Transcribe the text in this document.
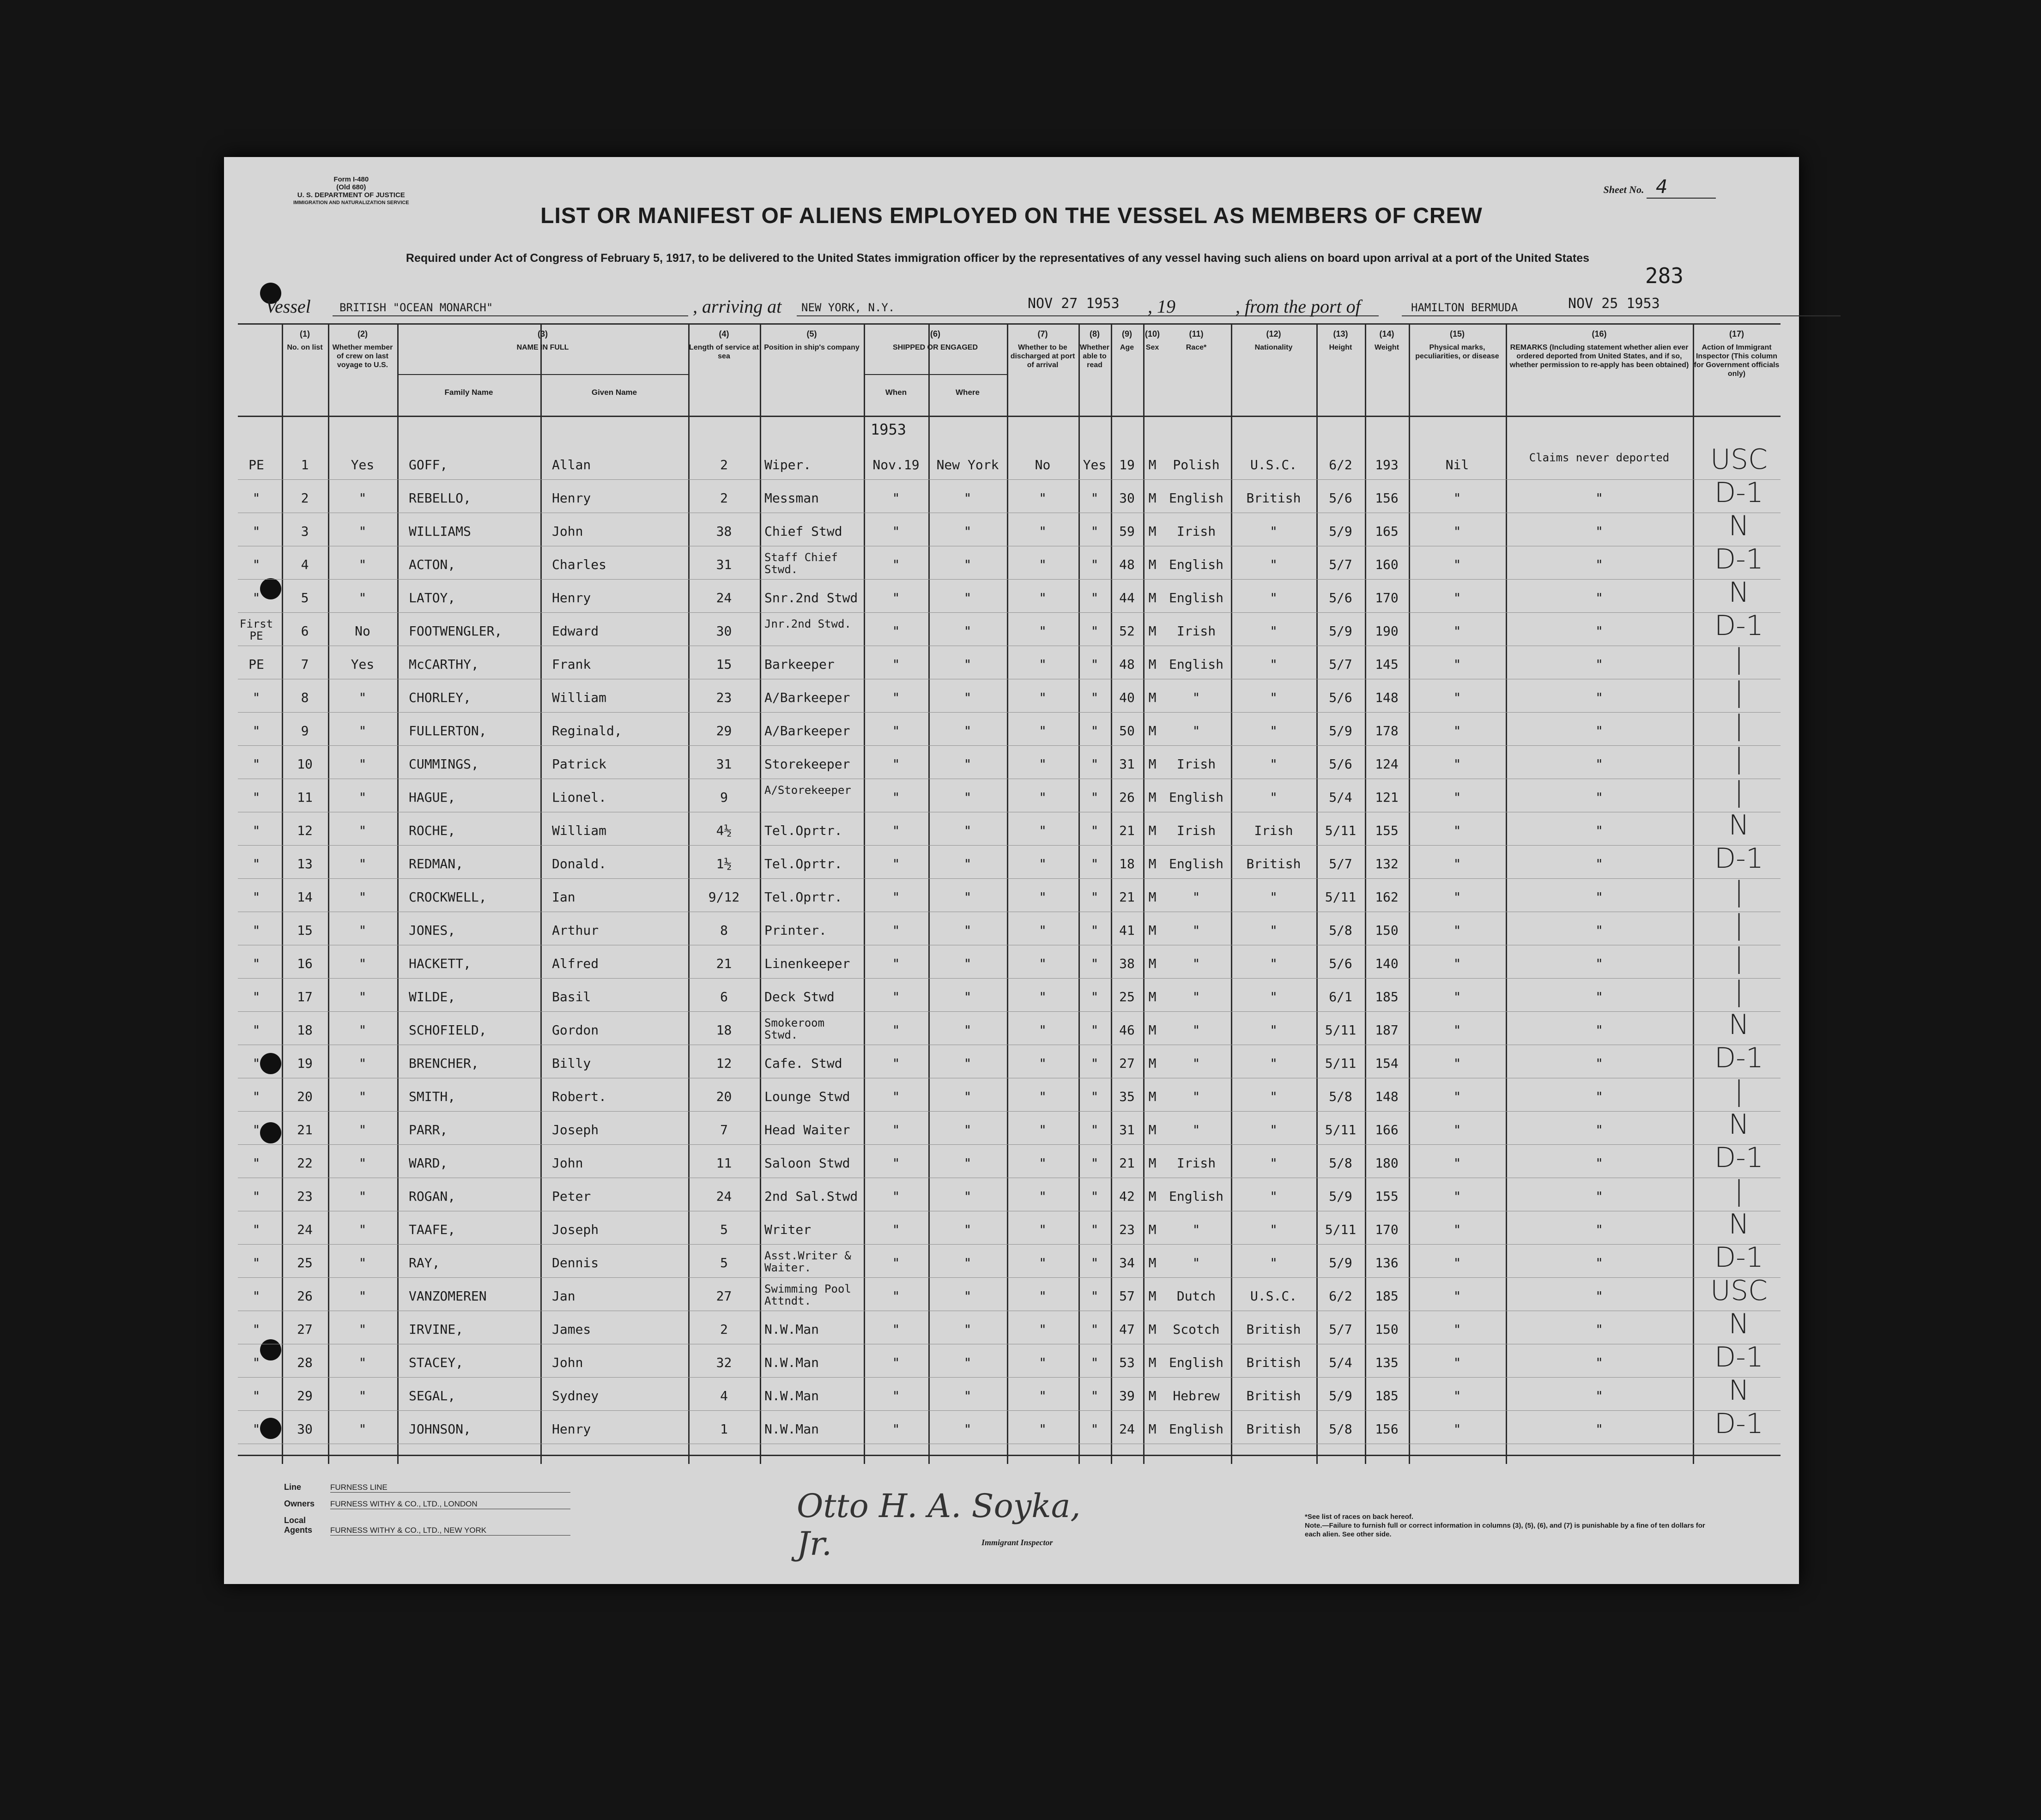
Form I-480
(Old 680)
U. S. DEPARTMENT OF JUSTICE
IMMIGRATION AND NATURALIZATION SERVICE
Sheet No. 4
LIST OR MANIFEST OF ALIENS EMPLOYED ON THE VESSEL AS MEMBERS OF CREW
Required under Act of Congress of February 5, 1917, to be delivered to the United States immigration officer by the representatives of any vessel having such aliens on board upon arrival at a port of the United States
283
Vessel	BRITISH "OCEAN MONARCH"	, arriving at NEW YORK, N.Y.	NOV 27 1953 , 19	, from the port of	HAMILTON BERMUDA	NOV 25 1953
(1)
No. on list
(2)
Whether member of crew on last voyage to U.S.
(3)
NAME IN FULL
(4)
Length of service at sea
(5)
Position in ship's company
(6)
SHIPPED OR ENGAGED
(7)
Whether to be discharged at port of arrival
(8)
Whether able to read
(9)
Age
(10)
Sex
(11)
Race*
(12)
Nationality
(13)
Height
(14)
Weight
(15)
Physical marks, peculiarities, or disease
(16)
REMARKS (Including statement whether alien ever ordered deported from United States, and if so, whether permission to re-apply has been obtained)
(17)
Action of Immigrant Inspector (This column for Government officials only)
Family Name	Given Name	When	Where
1953
PE	1	Yes	GOFF,	Allan	2	Wiper.	Nov.19	New York	No	Yes 19	M	Polish	U.S.C.	6/2	193	Nil	Claims never deported	USC
"	2	"	REBELLO,	Henry	2	Messman	"	"	"	"	30	M English	British	5/6	156	"	"	D-1
"	3	"	WILLIAMS	John	38	Chief Stwd	"	"	"	"	59	M	Irish	"	5/9	165	"	"	N
"	4	"	ACTON,	Charles	31	Staff Chief Stwd.	"	"	"	"	48	M English	"	5/7	160	"	"	D-1
"	5	"	LATOY,	Henry	24	Snr.2nd Stwd	"	"	"	"	44	M English	"	5/6	170	"	"	N
First PE	6	No	FOOTWENGLER,	Edward	30	Jnr.2nd Stwd.	"	"	"	"	52	M	Irish	"	5/9	190	"	"	D-1
PE	7	Yes	McCARTHY,	Frank	15	Barkeeper	"	"	"	"	48	M English	"	5/7	145	"	"	|
"	8	"	CHORLEY,	William	23	A/Barkeeper	"	"	"	"	40	M	"	"	5/6	148	"	"	|
"	9	"	FULLERTON,	Reginald,	29	A/Barkeeper	"	"	"	"	50	M	"	"	5/9	178	"	"	|
"	10	"	CUMMINGS,	Patrick	31	Storekeeper	"	"	"	"	31	M	Irish	"	5/6	124	"	"	|
"	11	"	HAGUE,	Lionel.	9	A/Storekeeper	"	"	"	"	26	M English	"	5/4	121	"	"	|
"	12	"	ROCHE,	William	4½	Tel.Oprtr.	"	"	"	"	21	M	Irish	Irish	5/11	155	"	"	N
"	13	"	REDMAN,	Donald.	1½	Tel.Oprtr.	"	"	"	"	18	M English	British	5/7	132	"	"	D-1
"	14	"	CROCKWELL,	Ian	9/12	Tel.Oprtr.	"	"	"	"	21	M	"	"	5/11	162	"	"	|
"	15	"	JONES,	Arthur	8	Printer.	"	"	"	"	41	M	"	"	5/8	150	"	"	|
"	16	"	HACKETT,	Alfred	21	Linenkeeper	"	"	"	"	38	M	"	"	5/6	140	"	"	|
"	17	"	WILDE,	Basil	6	Deck Stwd	"	"	"	"	25	M	"	"	6/1	185	"	"	|
"	18	"	SCHOFIELD,	Gordon	18	Smokeroom Stwd.	"	"	"	"	46	M	"	"	5/11	187	"	"	N
"	19	"	BRENCHER,	Billy	12	Cafe. Stwd	"	"	"	"	27	M	"	"	5/11	154	"	"	D-1
"	20	"	SMITH,	Robert.	20	Lounge Stwd	"	"	"	"	35	M	"	"	5/8	148	"	"	|
"	21	"	PARR,	Joseph	7	Head Waiter	"	"	"	"	31	M	"	"	5/11	166	"	"	N
"	22	"	WARD,	John	11	Saloon Stwd	"	"	"	"	21	M	Irish	"	5/8	180	"	"	D-1
"	23	"	ROGAN,	Peter	24	2nd Sal.Stwd	"	"	"	"	42	M English	"	5/9	155	"	"	|
"	24	"	TAAFE,	Joseph	5	Writer	"	"	"	"	23	M	"	"	5/11	170	"	"	N
"	25	"	RAY,	Dennis	5	Asst.Writer & Waiter.	"	"	"	"	34	M	"	"	5/9	136	"	"	D-1
"	26	"	VANZOMEREN	Jan	27	Swimming Pool Attndt.	"	"	"	"	57	M	Dutch	U.S.C.	6/2	185	"	"	USC
"	27	"	IRVINE,	James	2	N.W.Man	"	"	"	"	47	M	Scotch	British	5/7	150	"	"	N
"	28	"	STACEY,	John	32	N.W.Man	"	"	"	"	53	M English	British	5/4	135	"	"	D-1
"	29	"	SEGAL,	Sydney	4	N.W.Man	"	"	"	"	39	M	Hebrew	British	5/9	185	"	"	N
"	30	"	JOHNSON,	Henry	1	N.W.Man	"	"	"	"	24	M English	British	5/8	156	"	"	D-1
Line	FURNESS LINE
Owners FURNESS WITHY & CO., LTD., LONDON
Local Agents FURNESS WITHY & CO., LTD., NEW YORK
Otto H. A. Soyka, Jr.	Immigrant Inspector
*See list of races on back hereof.
Note.—Failure to furnish full or correct information in columns (3), (5), (6), and (7) is punishable by a fine of ten dollars for each alien. See other side.
